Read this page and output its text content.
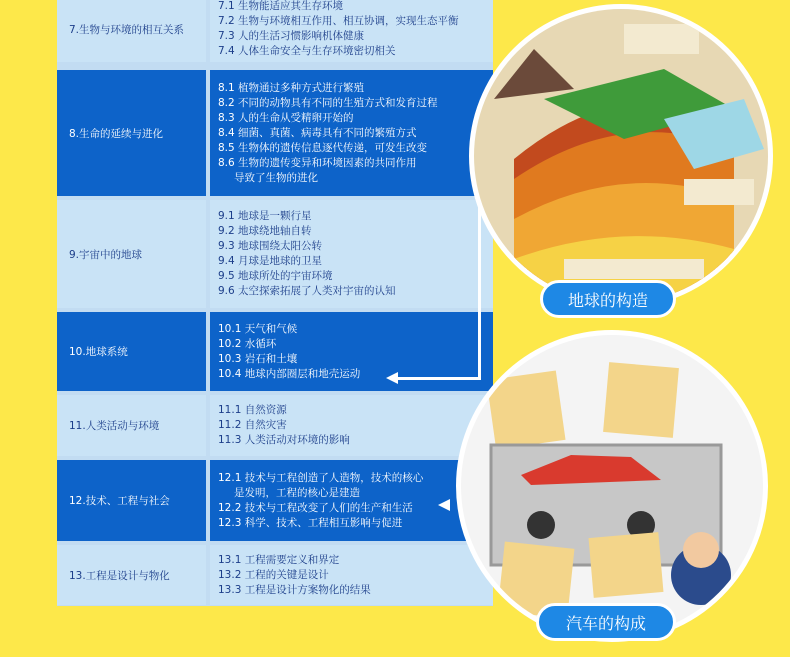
7.生物与环境的相互关系
7.1 生物能适应其生存环境
7.2 生物与环境相互作用、相互协调，实现生态平衡
7.3 人的生活习惯影响机体健康
7.4 人体生命安全与生存环境密切相关
8.生命的延续与进化
8.1 植物通过多种方式进行繁殖
8.2 不同的动物具有不同的生殖方式和发育过程
8.3 人的生命从受精卵开始的
8.4 细菌、真菌、病毒具有不同的繁殖方式
8.5 生物体的遗传信息逐代传递，可发生改变
8.6 生物的遗传变异和环境因素的共同作用
导致了生物的进化
9.宇宙中的地球
9.1 地球是一颗行星
9.2 地球绕地轴自转
9.3 地球围绕太阳公转
9.4 月球是地球的卫星
9.5 地球所处的宇宙环境
9.6 太空探索拓展了人类对宇宙的认知
10.地球系统
10.1 天气和气候
10.2 水循环
10.3 岩石和土壤
10.4 地球内部圈层和地壳运动
11.人类活动与环境
11.1 自然资源
11.2 自然灾害
11.3 人类活动对环境的影响
12.技术、工程与社会
12.1 技术与工程创造了人造物，技术的核心
是发明，工程的核心是建造
12.2 技术与工程改变了人们的生产和生活
12.3 科学、技术、工程相互影响与促进
13.工程是设计与物化
13.1 工程需要定义和界定
13.2 工程的关键是设计
13.3 工程是设计方案物化的结果
地球的构造
汽车的构成
